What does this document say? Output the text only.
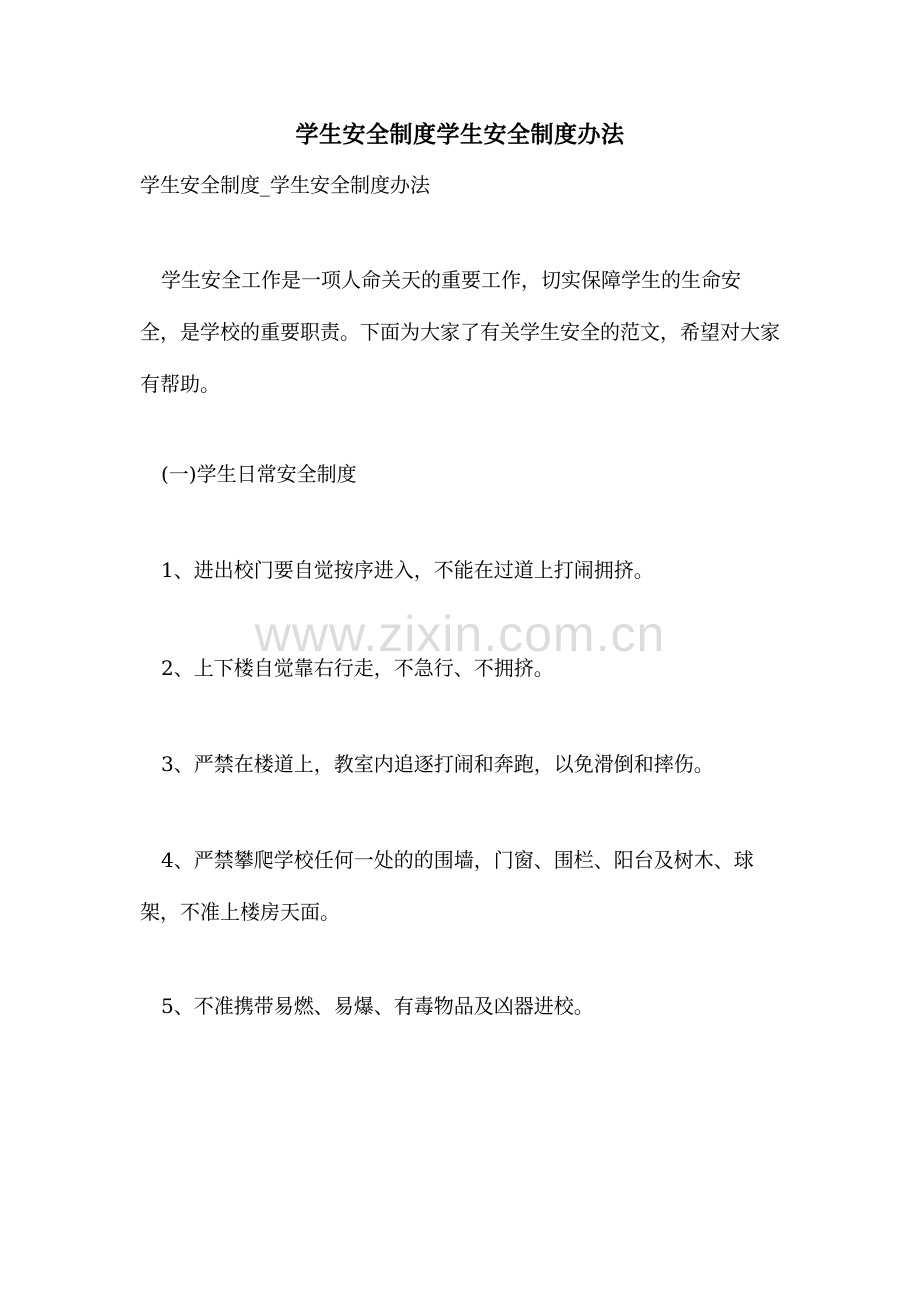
学生安全制度学生安全制度办法
学生安全制度_学生安全制度办法
学生安全工作是一项人命关天的重要工作，切实保障学生的生命安全，是学校的重要职责。下面为大家了有关学生安全的范文，希望对大家有帮助。
(一)学生日常安全制度
1、进出校门要自觉按序进入，不能在过道上打闹拥挤。
2、上下楼自觉靠右行走，不急行、不拥挤。
3、严禁在楼道上，教室内追逐打闹和奔跑，以免滑倒和摔伤。
4、严禁攀爬学校任何一处的的围墙，门窗、围栏、阳台及树木、球架，不准上楼房天面。
5、不准携带易燃、易爆、有毒物品及凶器进校。
www.zixin.com.cn
